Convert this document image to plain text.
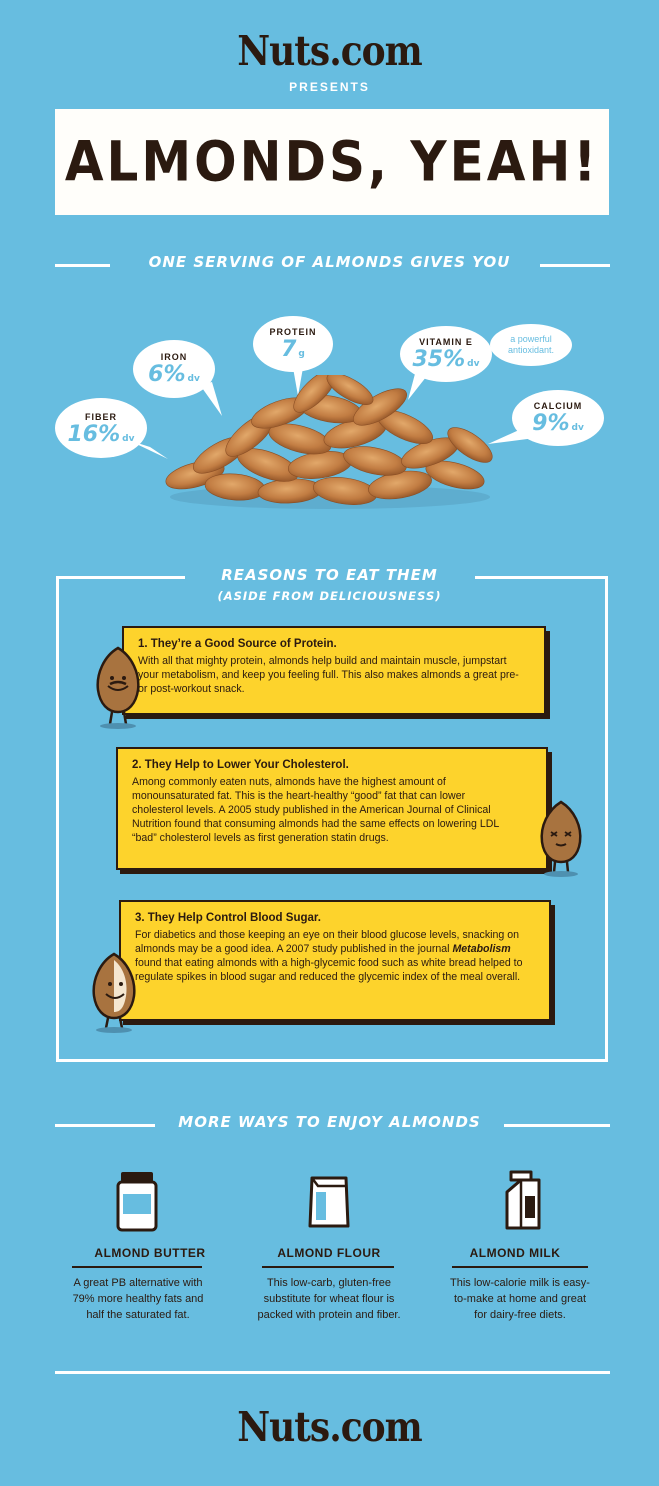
Nuts.com
PRESENTS
ALMONDS, YEAH!
ONE SERVING OF ALMONDS GIVES YOU
FIBER
16% dv
IRON
6% dv
PROTEIN
7 g
VITAMIN E
35% dv
a powerful antioxidant.
CALCIUM
9% dv
REASONS TO EAT THEM
(ASIDE FROM DELICIOUSNESS)
1. They’re a Good Source of Protein.

With all that mighty protein, almonds help build and maintain muscle, jumpstart your metabolism, and keep you feeling full. This also makes almonds a great pre- or post-workout snack.

2. They Help to Lower Your Cholesterol.

Among commonly eaten nuts, almonds have the highest amount of monounsaturated fat. This is the heart-healthy “good” fat that can lower cholesterol levels. A 2005 study published in the American Journal of Clinical Nutrition found that consuming almonds had the same effects on lowering LDL “bad” cholesterol levels as first generation statin drugs.

3. They Help Control Blood Sugar.

For diabetics and those keeping an eye on their blood glucose levels, snacking on almonds may be a good idea. A 2007 study published in the journal Metabolism found that eating almonds with a high-glycemic food such as white bread helped to regulate spikes in blood sugar and reduced the glycemic index of the meal overall.

MORE WAYS TO ENJOY ALMONDS
ALMOND BUTTER
A great PB alternative with 79% more healthy fats and half the saturated fat.
ALMOND FLOUR
This low-carb, gluten-free substitute for wheat flour is packed with protein and fiber.
ALMOND MILK
This low-calorie milk is easy-to-make at home and great for dairy-free diets.
Nuts.com
